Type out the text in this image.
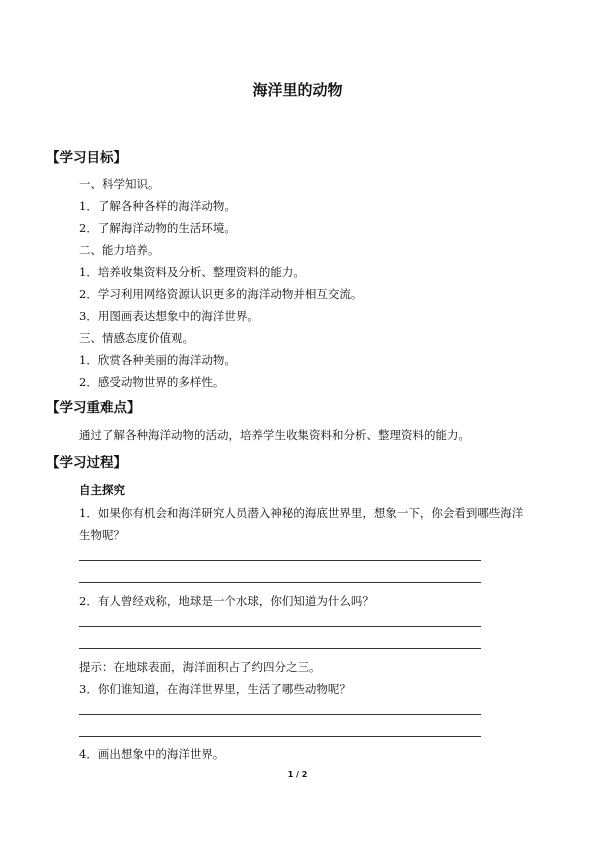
海洋里的动物
【学习目标】
一、科学知识。
1．了解各种各样的海洋动物。
2．了解海洋动物的生活环境。
二、能力培养。
1．培养收集资料及分析、整理资料的能力。
2．学习利用网络资源认识更多的海洋动物并相互交流。
3．用图画表达想象中的海洋世界。
三、情感态度价值观。
1．欣赏各种美丽的海洋动物。
2．感受动物世界的多样性。
【学习重难点】
通过了解各种海洋动物的活动，培养学生收集资料和分析、整理资料的能力。
【学习过程】
自主探究
1．如果你有机会和海洋研究人员潜入神秘的海底世界里，想象一下，你会看到哪些海洋
生物呢？
2．有人曾经戏称，地球是一个水球，你们知道为什么吗？
提示：在地球表面，海洋面积占了约四分之三。
3．你们谁知道，在海洋世界里，生活了哪些动物呢？
4．画出想象中的海洋世界。
1 / 2
